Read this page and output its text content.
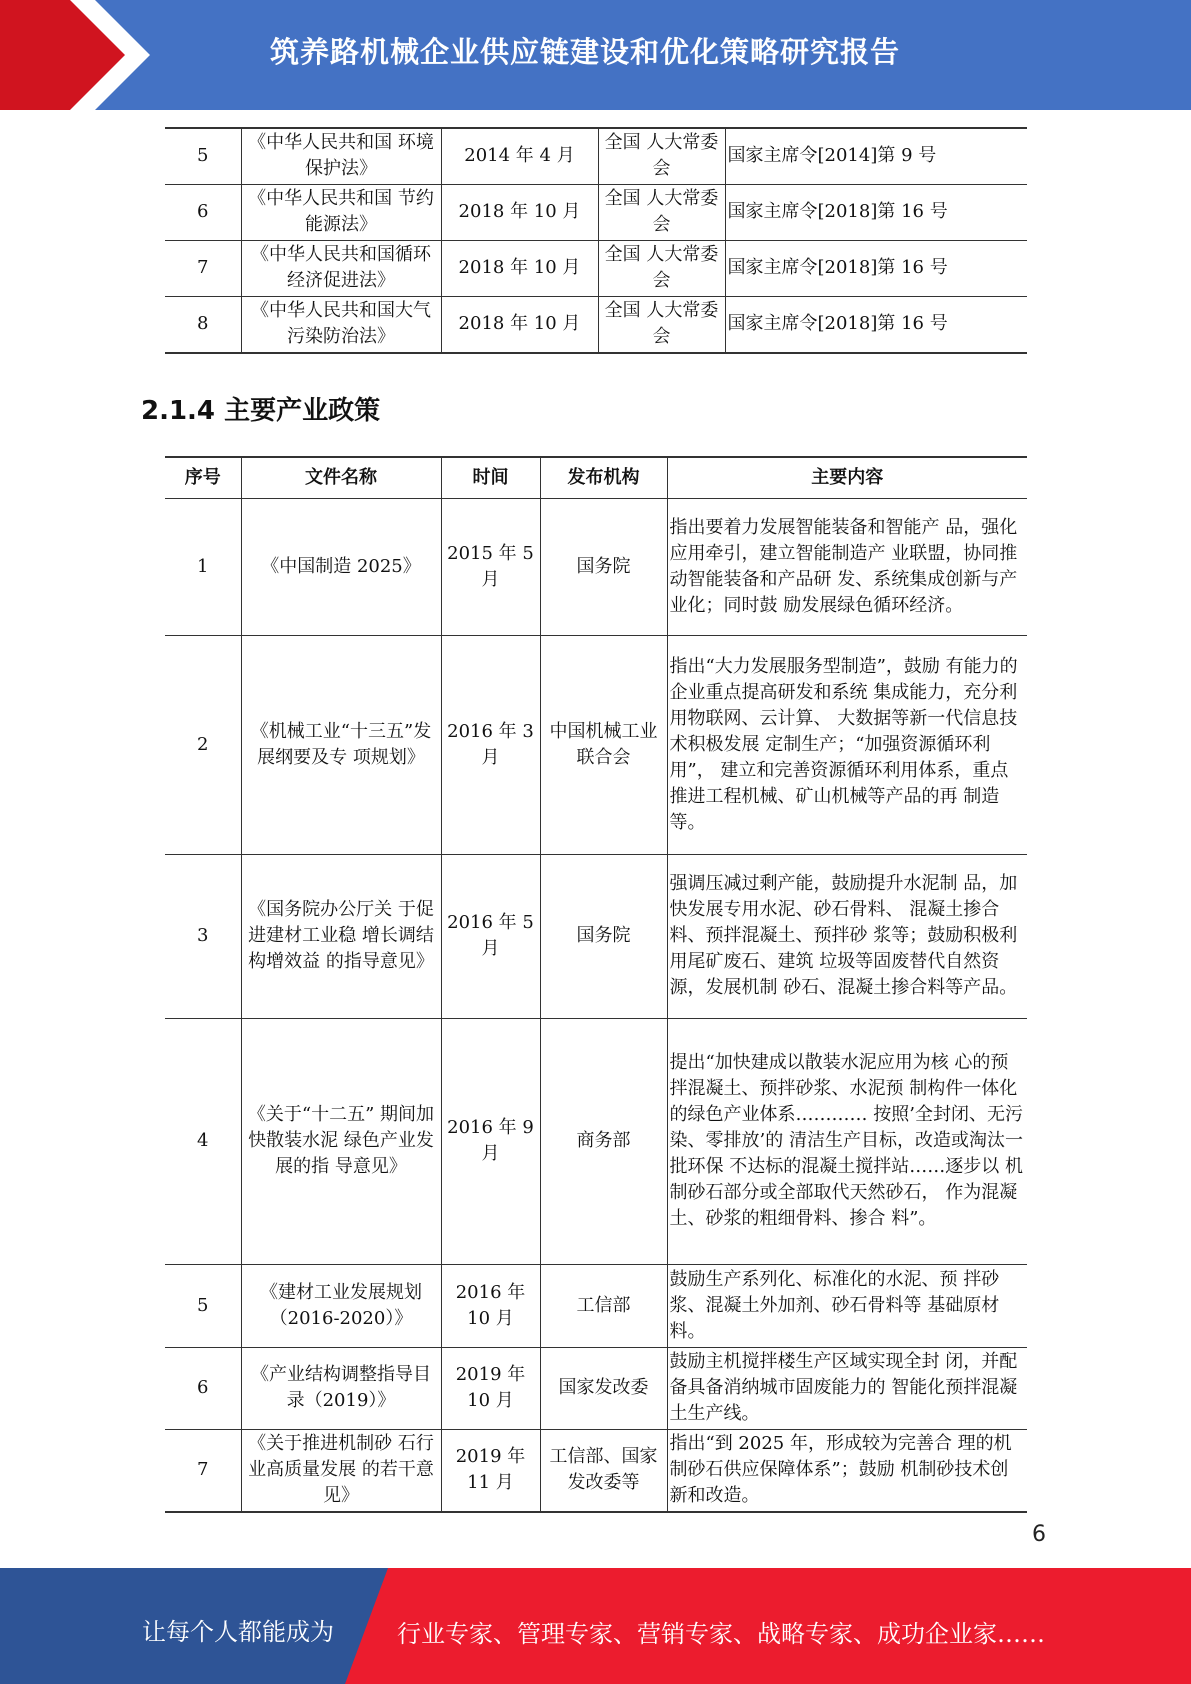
筑养路机械企业供应链建设和优化策略研究报告
5	《中华人民共和国 环境保护法》	2014 年 4 月	全国 人大常委会	国家主席令[2014]第 9 号
6	《中华人民共和国 节约能源法》	2018 年 10 月	全国 人大常委会	国家主席令[2018]第 16 号
7	《中华人民共和国循环经济促进法》	2018 年 10 月	全国 人大常委会	国家主席令[2018]第 16 号
8	《中华人民共和国大气污染防治法》	2018 年 10 月	全国 人大常委会	国家主席令[2018]第 16 号
2.1.4 主要产业政策
序号	文件名称	时间	发布机构	主要内容
1	《中国制造 2025》	2015 年 5 月	国务院	指出要着力发展智能装备和智能产 品，强化应用牵引，建立智能制造产 业联盟，协同推动智能装备和产品研 发、系统集成创新与产业化；同时鼓 励发展绿色循环经济。
2	《机械工业“十三五”发展纲要及专 项规划》	2016 年 3 月	中国机械工业联合会	指出“大力发展服务型制造”，鼓励 有能力的企业重点提高研发和系统 集成能力，充分利用物联网、云计算、 大数据等新一代信息技术积极发展 定制生产；“加强资源循环利用”， 建立和完善资源循环利用体系，重点 推进工程机械、矿山机械等产品的再 制造等。
3	《国务院办公厅关 于促进建材工业稳 增长调结构增效益 的指导意见》	2016 年 5 月	国务院	强调压减过剩产能，鼓励提升水泥制 品，加快发展专用水泥、砂石骨料、 混凝土掺合料、预拌混凝土、预拌砂 浆等；鼓励积极利用尾矿废石、建筑 垃圾等固废替代自然资源，发展机制 砂石、混凝土掺合料等产品。
4	《关于“十二五” 期间加快散装水泥 绿色产业发展的指 导意见》	2016 年 9 月	商务部	提出“加快建成以散装水泥应用为核 心的预拌混凝土、预拌砂浆、水泥预 制构件一体化的绿色产业体系………… 按照’全封闭、无污染、零排放’的 清洁生产目标，改造或淘汰一批环保 不达标的混凝土搅拌站……逐步以 机制砂石部分或全部取代天然砂石， 作为混凝土、砂浆的粗细骨料、掺合 料”。
5	《建材工业发展规划（2016-2020）》	2016 年 10 月	工信部	鼓励生产系列化、标准化的水泥、预 拌砂浆、混凝土外加剂、砂石骨料等 基础原材料。
6	《产业结构调整指导目录（2019）》	2019 年 10 月	国家发改委	鼓励主机搅拌楼生产区域实现全封 闭，并配备具备消纳城市固废能力的 智能化预拌混凝土生产线。
7	《关于推进机制砂 石行业高质量发展 的若干意见》	2019 年 11 月	工信部、国家发改委等	指出“到 2025 年，形成较为完善合 理的机制砂石供应保障体系”；鼓励 机制砂技术创新和改造。
6
让每个人都能成为	行业专家、管理专家、营销专家、战略专家、成功企业家……
